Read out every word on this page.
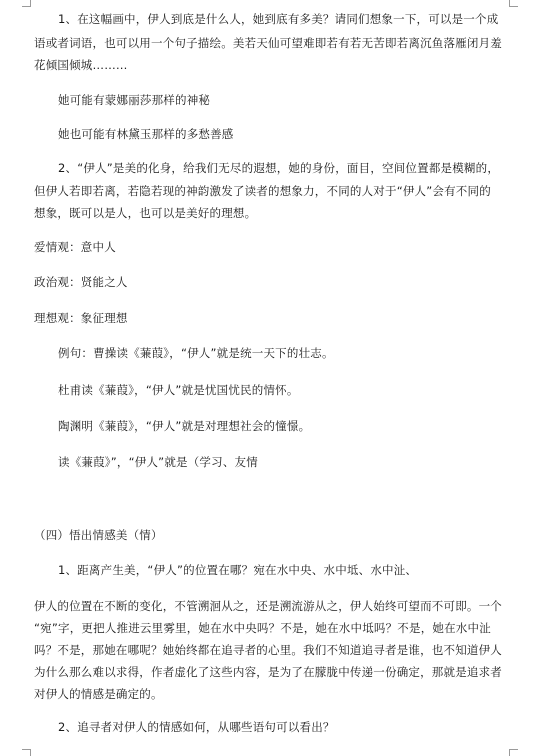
1、在这幅画中，伊人到底是什么人，她到底有多美？请同们想象一下，可以是一个成
语或者词语，也可以用一个句子描绘。美若天仙可望难即若有若无苦即若离沉鱼落雁闭月羞
花倾国倾城………
她可能有蒙娜丽莎那样的神秘
她也可能有林黛玉那样的多愁善感
2、“伊人”是美的化身，给我们无尽的遐想，她的身份，面目，空间位置都是模糊的，
但伊人若即若离，若隐若现的神韵激发了读者的想象力，不同的人对于“伊人”会有不同的
想象，既可以是人，也可以是美好的理想。
爱情观：意中人
政治观：贤能之人
理想观：象征理想
例句：曹操读《蒹葭》，“伊人”就是统一天下的壮志。
杜甫读《蒹葭》，“伊人”就是忧国忧民的情怀。
陶渊明《蒹葭》，“伊人”就是对理想社会的憧憬。
读《蒹葭》”，“伊人”就是（学习、友情
（四）悟出情感美（情）
1、距离产生美，“伊人”的位置在哪？宛在水中央、水中坻、水中沚、
伊人的位置在不断的变化，不管溯洄从之，还是溯流游从之，伊人始终可望而不可即。一个
“宛”字，更把人推进云里雾里，她在水中央吗？不是，她在水中坻吗？不是，她在水中沚
吗？不是，那她在哪呢？她始终都在追寻者的心里。我们不知道追寻者是谁，也不知道伊人
为什么那么难以求得，作者虚化了这些内容，是为了在朦胧中传递一份确定，那就是追求者
对伊人的情感是确定的。
2、追寻者对伊人的情感如何，从哪些语句可以看出？
